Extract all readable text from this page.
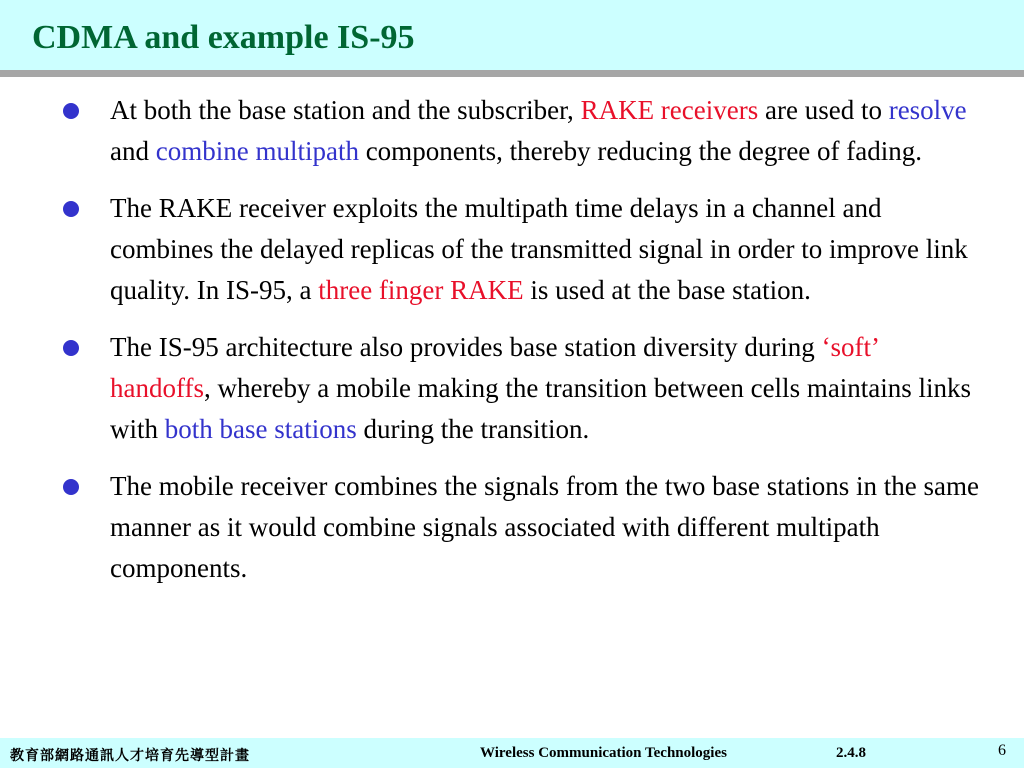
CDMA and example IS-95
At both the base station and the subscriber, RAKE receivers are used to resolve and combine multipath components, thereby reducing the degree of fading.
The RAKE receiver exploits the multipath time delays in a channel and combines the delayed replicas of the transmitted signal in order to improve link quality. In IS-95, a three finger RAKE is used at the base station.
The IS-95 architecture also provides base station diversity during ‘soft’ handoffs, whereby a mobile making the transition between cells maintains links with both base stations during the transition.
The mobile receiver combines the signals from the two base stations in the same manner as it would combine signals associated with different multipath components.
教育部網路通訊人才培育先導型計畫	Wireless Communication Technologies	2.4.8	6
